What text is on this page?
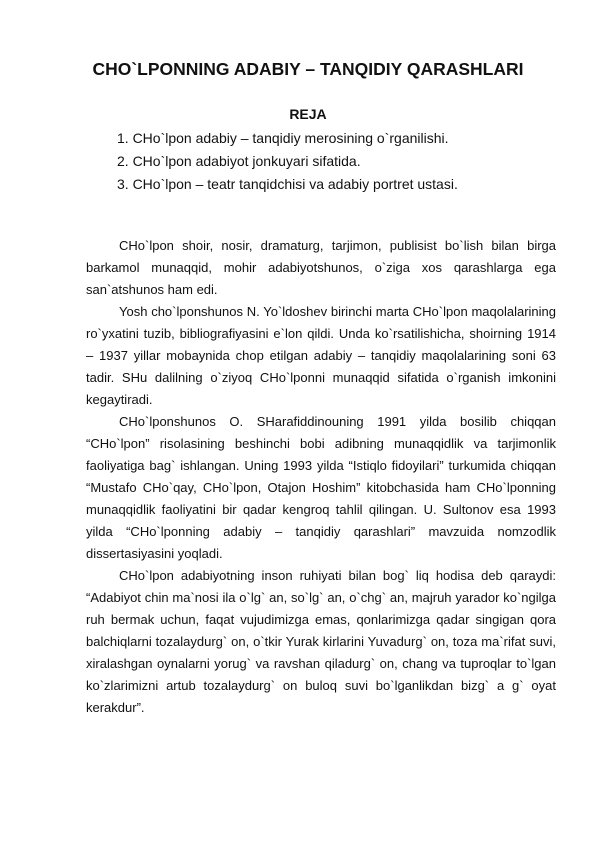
CHO`LPONNING ADABIY – TANQIDIY QARASHLARI
REJA
1. CHo`lpon adabiy – tanqidiy merosining o`rganilishi.
2. CHo`lpon adabiyot jonkuyari sifatida.
3. CHo`lpon – teatr tanqidchisi va adabiy portret ustasi.

CHo`lpon shoir, nosir, dramaturg, tarjimon, publisist bo`lish bilan birga barkamol munaqqid, mohir adabiyotshunos, o`ziga xos qarashlarga ega san`atshunos ham edi.

Yosh cho`lponshunos N. Yo`ldoshev birinchi marta CHo`lpon maqolalarining ro`yxatini tuzib, bibliografiyasini e`lon qildi. Unda ko`rsatilishicha, shoirning 1914 – 1937 yillar mobaynida chop etilgan adabiy – tanqidiy maqolalarining soni 63 tadir. SHu dalilning o`ziyoq CHo`lponni munaqqid sifatida o`rganish imkonini kegaytiradi.

CHo`lponshunos O. SHarafiddinouning 1991 yilda bosilib chiqqan “CHo`lpon” risolasining beshinchi bobi adibning munaqqidlik va tarjimonlik faoliyatiga bag` ishlangan. Uning 1993 yilda “Istiqlo fidoyilari” turkumida chiqqan “Mustafo CHo`qay, CHo`lpon, Otajon Hoshim” kitobchasida ham CHo`lponning munaqqidlik faoliyatini bir qadar kengroq tahlil qilingan. U. Sultonov esa 1993 yilda “CHo`lponning adabiy – tanqidiy qarashlari” mavzuida nomzodlik dissertasiyasini yoqladi.

CHo`lpon adabiyotning inson ruhiyati bilan bog` liq hodisa deb qaraydi: “Adabiyot chin ma`nosi ila o`lg` an, so`lg` an, o`chg` an, majruh yarador ko`ngilga ruh bermak uchun, faqat vujudimizga emas, qonlarimizga qadar singigan qora balchiqlarni tozalaydurg` on, o`tkir Yurak kirlarini Yuvadurg` on, toza ma`rifat suvi, xiralashgan oynalarni yorug` va ravshan qiladurg` on, chang va tuproqlar to`lgan ko`zlarimizni artub tozalaydurg` on buloq suvi bo`lganlikdan bizg` a g` oyat kerakdur”.
